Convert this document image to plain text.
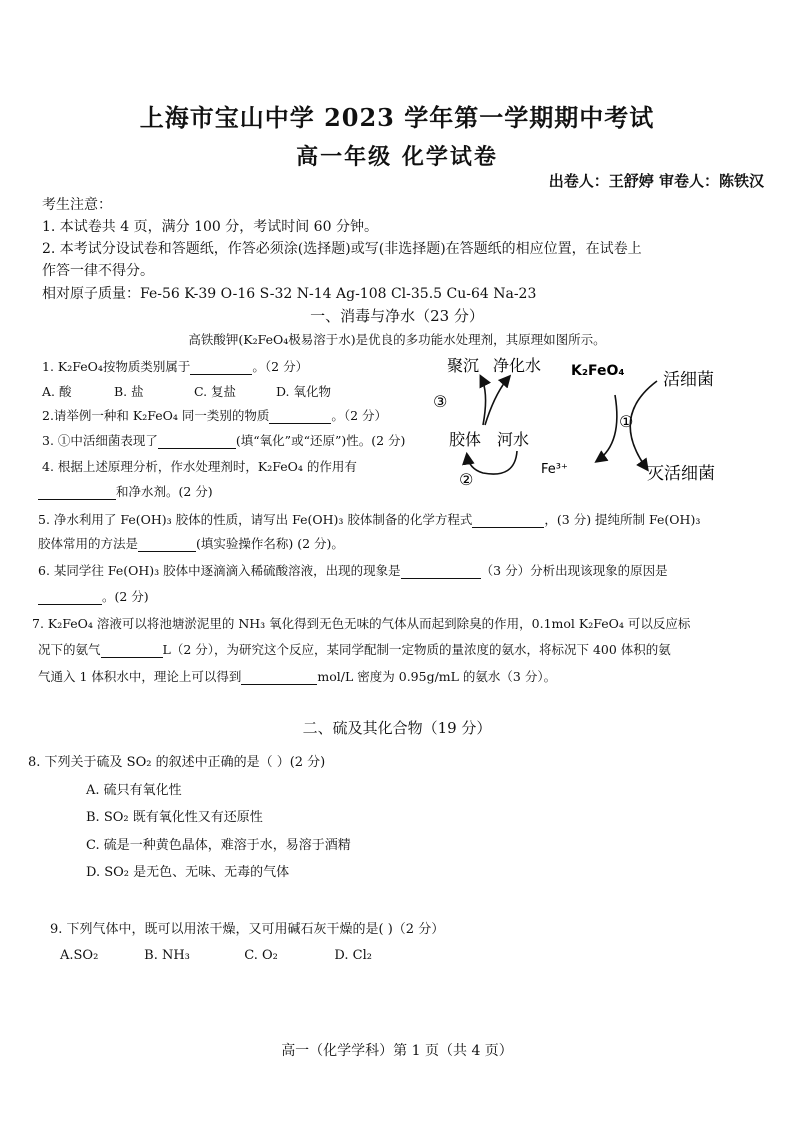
上海市宝山中学 2023 学年第一学期期中考试
高一年级 化学试卷
出卷人：王舒婷 审卷人：陈铁汉
考生注意：
1. 本试卷共 4 页，满分 100 分，考试时间 60 分钟。
2. 本考试分设试卷和答题纸，作答必须涂(选择题)或写(非选择题)在答题纸的相应位置，在试卷上
作答一律不得分。
相对原子质量：Fe-56 K-39 O-16 S-32 N-14 Ag-108 Cl-35.5 Cu-64 Na-23
一、消毒与净水（23 分）
高铁酸钾(K₂FeO₄极易溶于水)是优良的多功能水处理剂，其原理如图所示。
1. K₂FeO₄按物质类别属于	。（2 分）
A. 酸	B. 盐	C. 复盐	D. 氧化物
2.请举例一种和 K₂FeO₄ 同一类别的物质	。（2 分）
3. ①中活细菌表现了	(填“氧化”或“还原”)性。(2 分)
4. 根据上述原理分析，作水处理剂时，K₂FeO₄ 的作用有
和净水剂。(2 分)
聚沉 净化水 K₂FeO₄ 活细菌
胶体 河水
Fe³⁺	灭活细菌
③
①
②
5. 净水利用了 Fe(OH)₃ 胶体的性质，请写出 Fe(OH)₃ 胶体制备的化学方程式	，(3 分) 提纯所制 Fe(OH)₃
胶体常用的方法是	(填实验操作名称) (2 分)。
6. 某同学往 Fe(OH)₃ 胶体中逐滴滴入稀硫酸溶液，出现的现象是	（3 分）分析出现该现象的原因是
。(2 分)
7. K₂FeO₄ 溶液可以将池塘淤泥里的 NH₃ 氧化得到无色无味的气体从而起到除臭的作用，0.1mol K₂FeO₄ 可以反应标
况下的氨气	L（2 分），为研究这个反应，某同学配制一定物质的量浓度的氨水，将标况下 400 体积的氨
气通入 1 体积水中，理论上可以得到	mol/L 密度为 0.95g/mL 的氨水（3 分）。
二、硫及其化合物（19 分）
8. 下列关于硫及 SO₂ 的叙述中正确的是（ ）(2 分)
A. 硫只有氧化性
B. SO₂ 既有氧化性又有还原性
C. 硫是一种黄色晶体，难溶于水，易溶于酒精
D. SO₂ 是无色、无味、无毒的气体
9. 下列气体中，既可以用浓干燥，又可用碱石灰干燥的是( )（2 分）
A.SO₂	B. NH₃	C. O₂	D. Cl₂
高一（化学学科）第 1 页（共 4 页）
